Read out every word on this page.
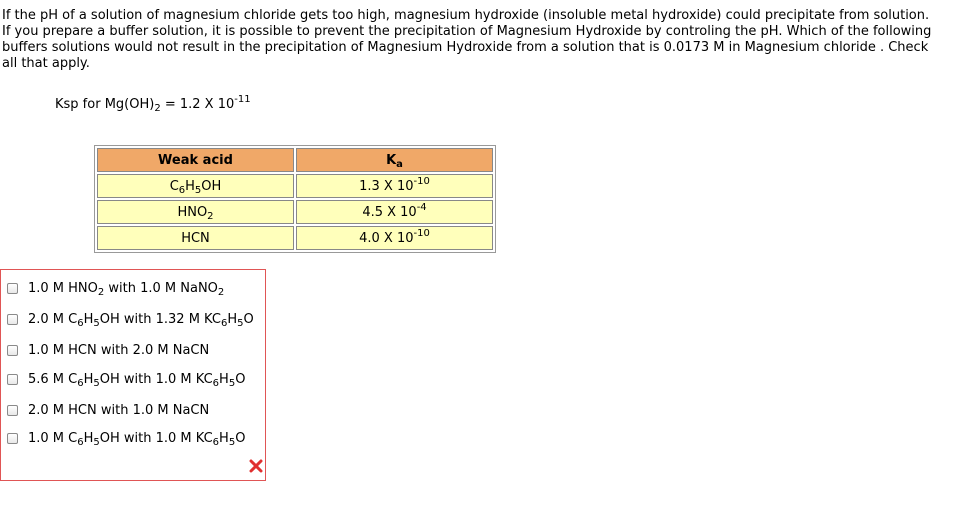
If the pH of a solution of magnesium chloride gets too high, magnesium hydroxide (insoluble metal hydroxide) could precipitate from solution. If you prepare a buffer solution, it is possible to prevent the precipitation of Magnesium Hydroxide by controling the pH. Which of the following buffers solutions would not result in the precipitation of Magnesium Hydroxide from a solution that is 0.0173 M in Magnesium chloride . Check all that apply.

Ksp for $Mg(OH)_2 = 1.2$ X $10^{-11}$
Weak acid	$K_a$
$C_6H_5OH$	1.3 X $10^{-10}$
$HNO_2$	4.5 X $10^{-4}$
HCN	4.0 X $10^{-10}$
1.0 M $HNO_2$ with 1.0 M NaNO$_2$
2.0 M $C_6H_5OH$ with 1.32 M $KC_6H_5O$
1.0 M HCN with 2.0 M NaCN
5.6 M $C_6H_5OH$ with 1.0 M $KC_6H_5O$
2.0 M HCN with 1.0 M NaCN
1.0 M $C_6H_5OH$ with 1.0 M $KC_6H_5O$
